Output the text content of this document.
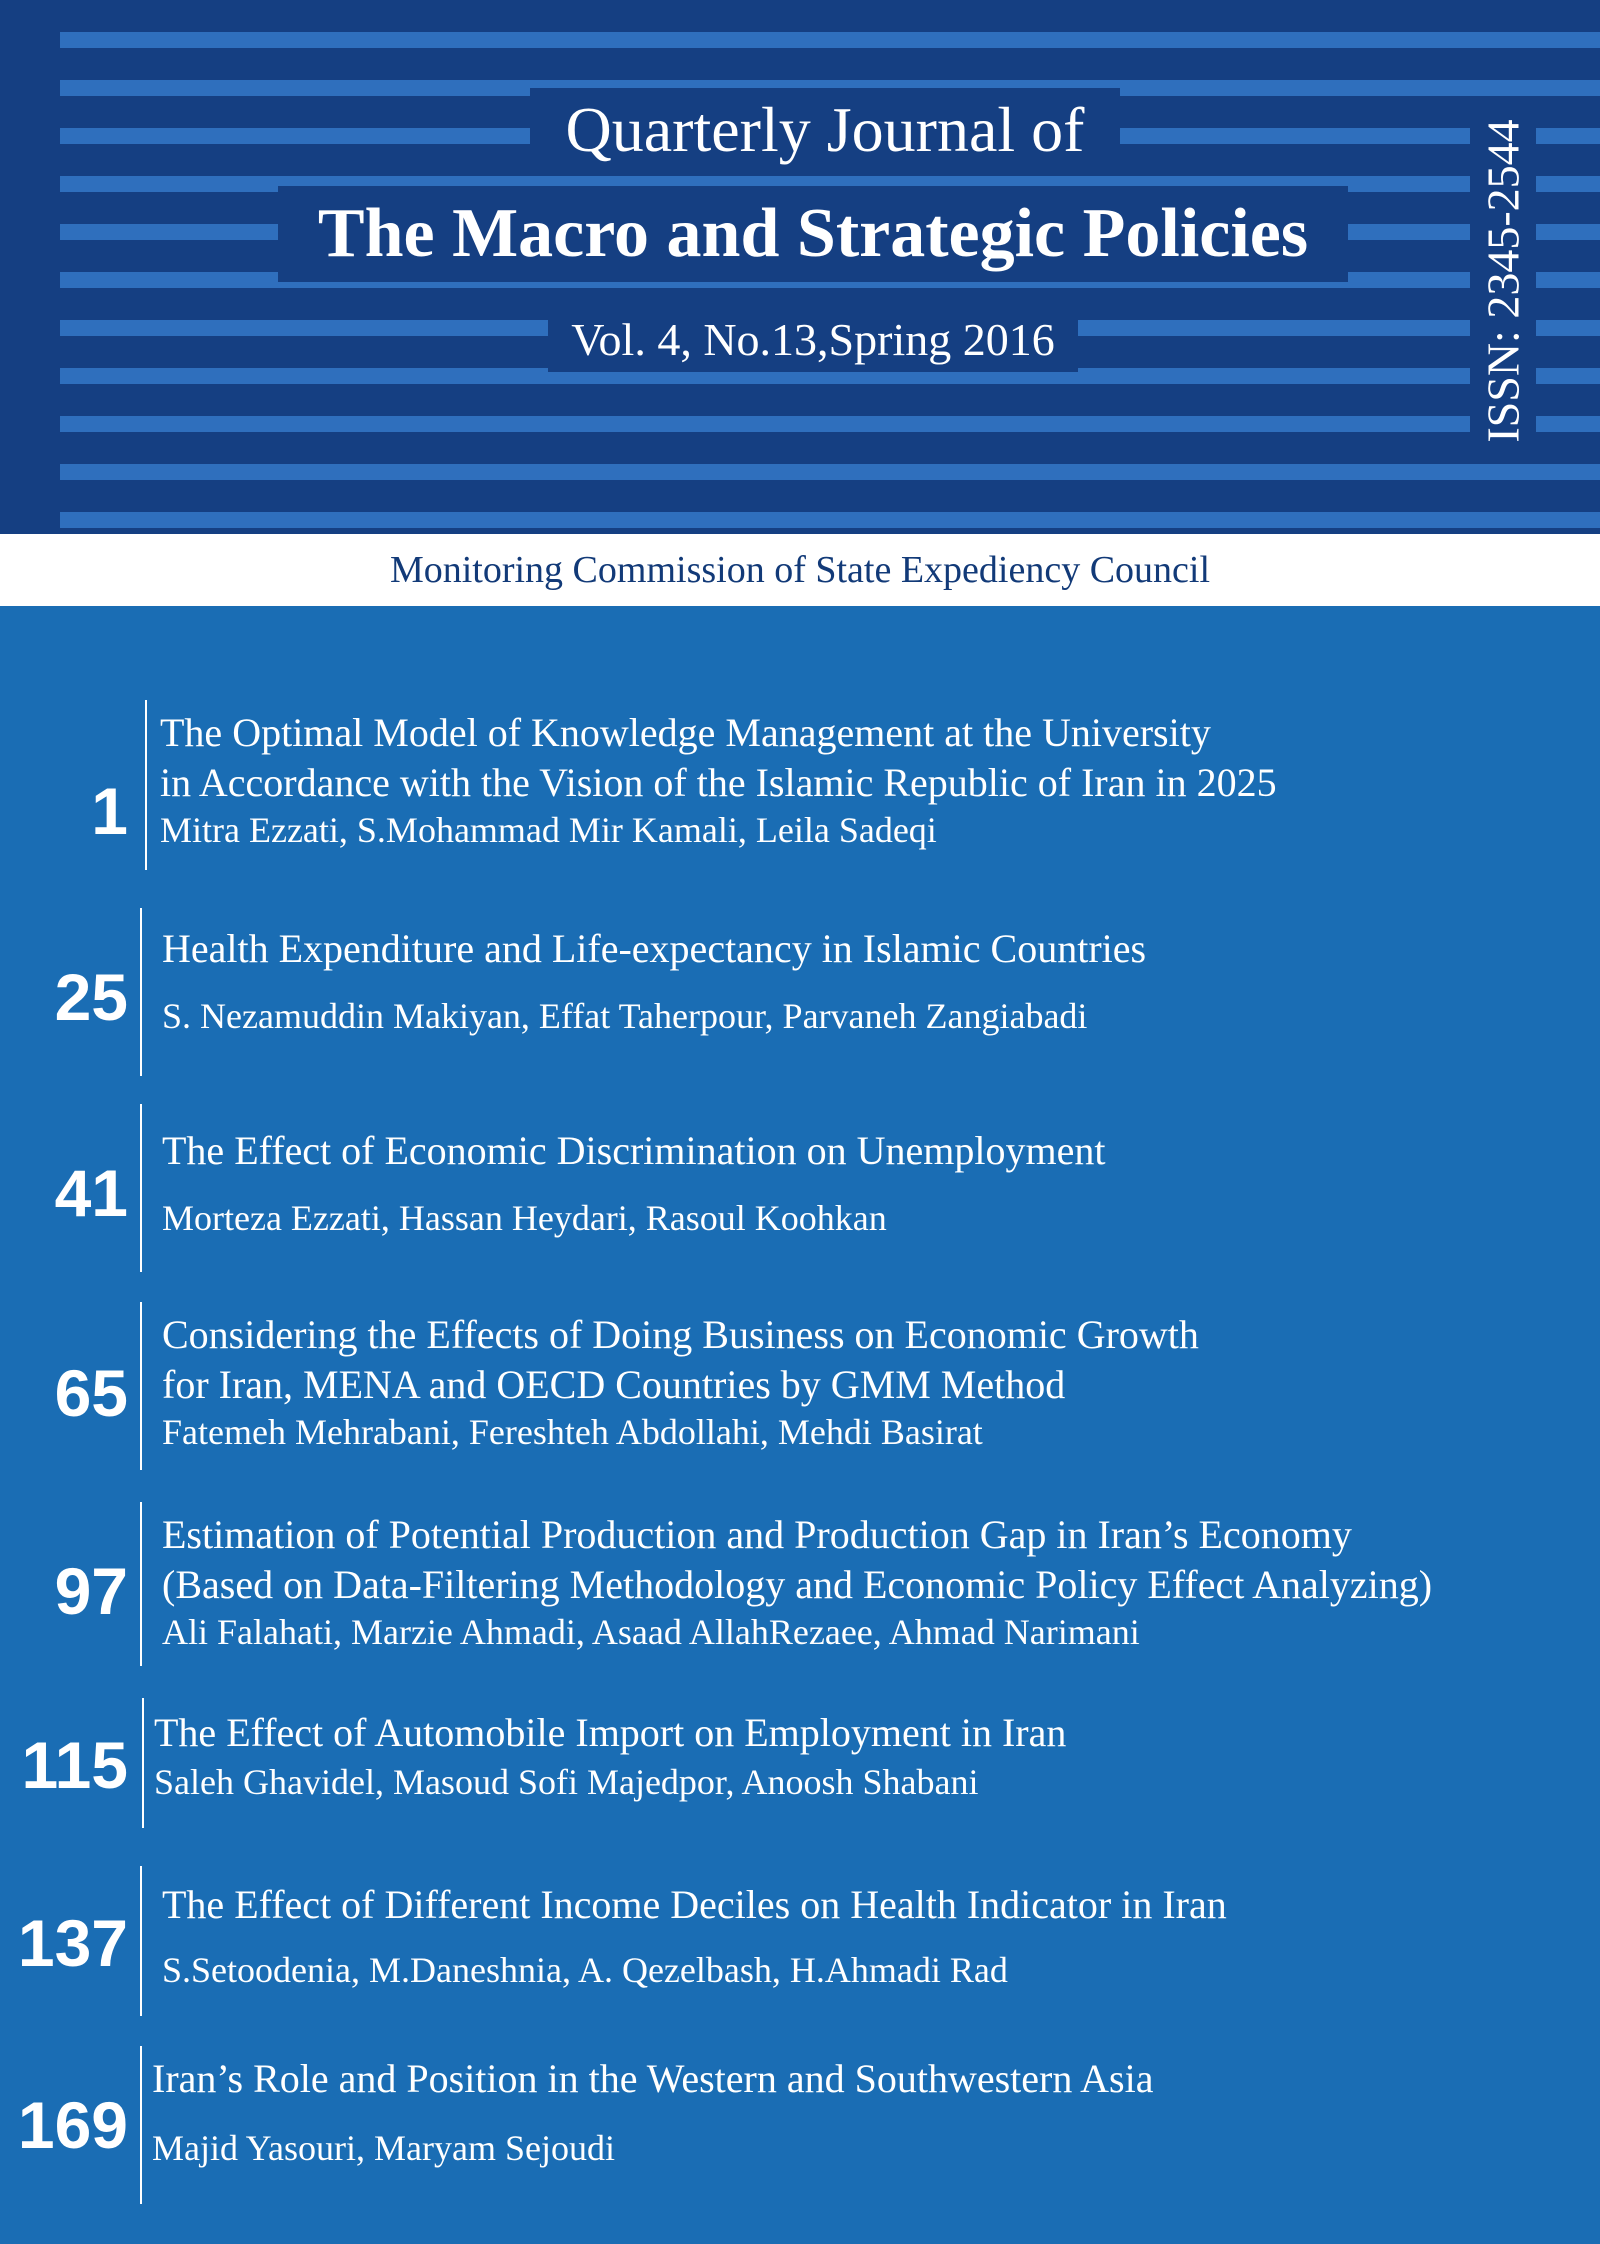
Quarterly Journal of
The Macro and Strategic Policies
Vol. 4, No.13,Spring 2016	ISSN: 2345-2544
Monitoring Commission of State Expediency Council
1
The Optimal Model of Knowledge Management at the University
in Accordance with the Vision of the Islamic Republic of Iran in 2025
Mitra Ezzati, S.Mohammad Mir Kamali, Leila Sadeqi
25
Health Expenditure and Life-expectancy in Islamic Countries
S. Nezamuddin Makiyan, Effat Taherpour, Parvaneh Zangiabadi
41
The Effect of Economic Discrimination on Unemployment
Morteza Ezzati, Hassan Heydari, Rasoul Koohkan
65
Considering the Effects of Doing Business on Economic Growth
for Iran, MENA and OECD Countries by GMM Method
Fatemeh Mehrabani, Fereshteh Abdollahi, Mehdi Basirat
97
Estimation of Potential Production and Production Gap in Iran’s Economy
(Based on Data-Filtering Methodology and Economic Policy Effect Analyzing)
Ali Falahati, Marzie Ahmadi, Asaad AllahRezaee, Ahmad Narimani
115 The Effect of Automobile Import on Employment in Iran
Saleh Ghavidel, Masoud Sofi Majedpor, Anoosh Shabani
137
The Effect of Different Income Deciles on Health Indicator in Iran
S.Setoodenia, M.Daneshnia, A. Qezelbash, H.Ahmadi Rad
169
Iran’s Role and Position in the Western and Southwestern Asia
Majid Yasouri, Maryam Sejoudi
